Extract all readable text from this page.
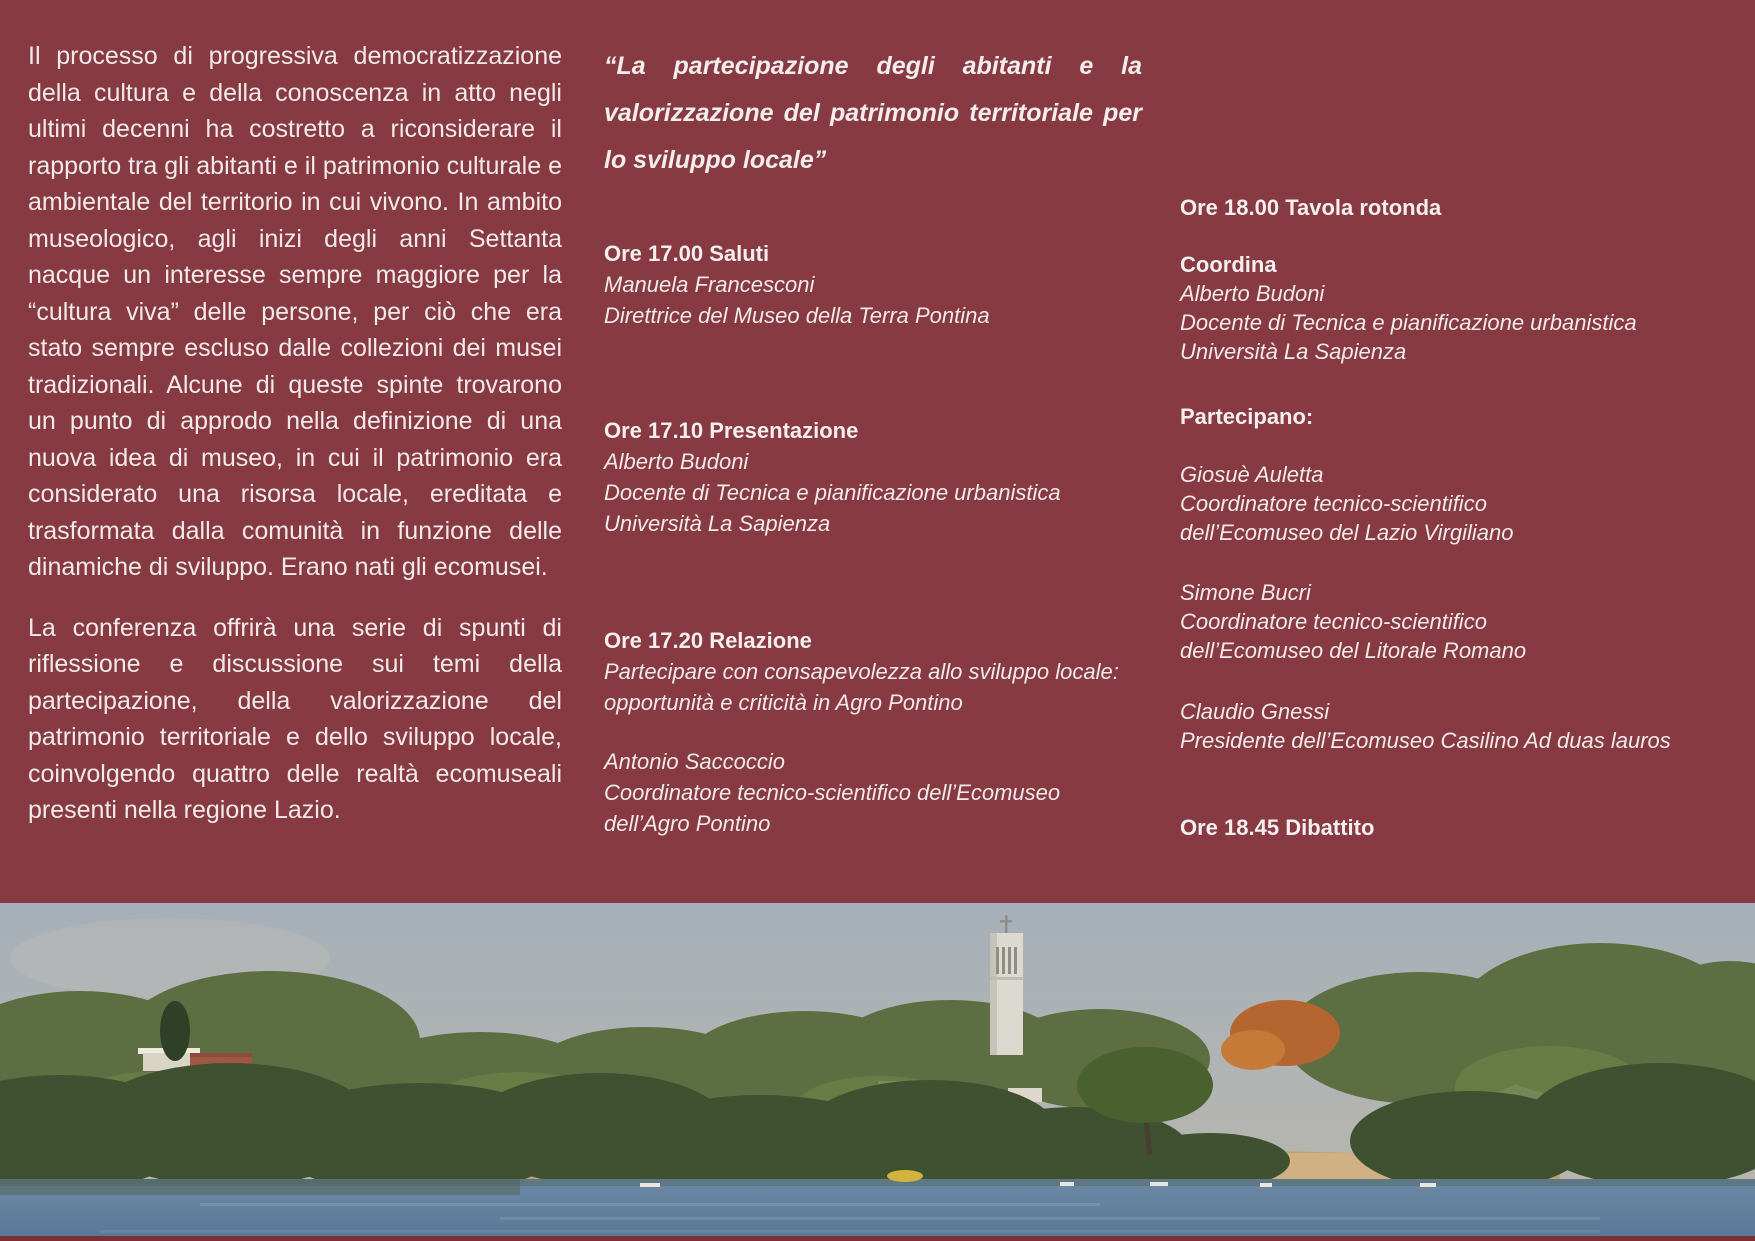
Il processo di progressiva democratizzazione della cultura e della conoscenza in atto negli ultimi decenni ha costretto a riconsiderare il rapporto tra gli abitanti e il patrimonio culturale e ambientale del territorio in cui vivono. In ambito museologico, agli inizi degli anni Settanta nacque un interesse sempre maggiore per la “cultura viva” delle persone, per ciò che era stato sempre escluso dalle collezioni dei musei tradizionali. Alcune di queste spinte trovarono un punto di approdo nella definizione di una nuova idea di museo, in cui il patrimonio era considerato una risorsa locale, ereditata e trasformata dalla comunità in funzione delle dinamiche di sviluppo. Erano nati gli ecomusei.

La conferenza offrirà una serie di spunti di riflessione e discussione sui temi della partecipazione, della valorizzazione del patrimonio territoriale e dello sviluppo locale, coinvolgendo quattro delle realtà ecomuseali presenti nella regione Lazio.

“La partecipazione degli abitanti e la valorizzazione del patrimonio territoriale per lo sviluppo locale”

Ore 17.00 Saluti
Manuela Francesconi
Direttrice del Museo della Terra Pontina
Ore 17.10 Presentazione
Alberto Budoni
Docente di Tecnica e pianificazione urbanistica
Università La Sapienza
Ore 17.20 Relazione
Partecipare con consapevolezza allo sviluppo locale:
opportunità e criticità in Agro Pontino
Antonio Saccoccio
Coordinatore tecnico-scientifico dell’Ecomuseo
dell’Agro Pontino
Ore 18.00 Tavola rotonda
Coordina
Alberto Budoni
Docente di Tecnica e pianificazione urbanistica
Università La Sapienza
Partecipano:
Giosuè Auletta
Coordinatore tecnico-scientifico
dell’Ecomuseo del Lazio Virgiliano
Simone Bucri
Coordinatore tecnico-scientifico
dell’Ecomuseo del Litorale Romano
Claudio Gnessi
Presidente dell’Ecomuseo Casilino Ad duas lauros
Ore 18.45 Dibattito
